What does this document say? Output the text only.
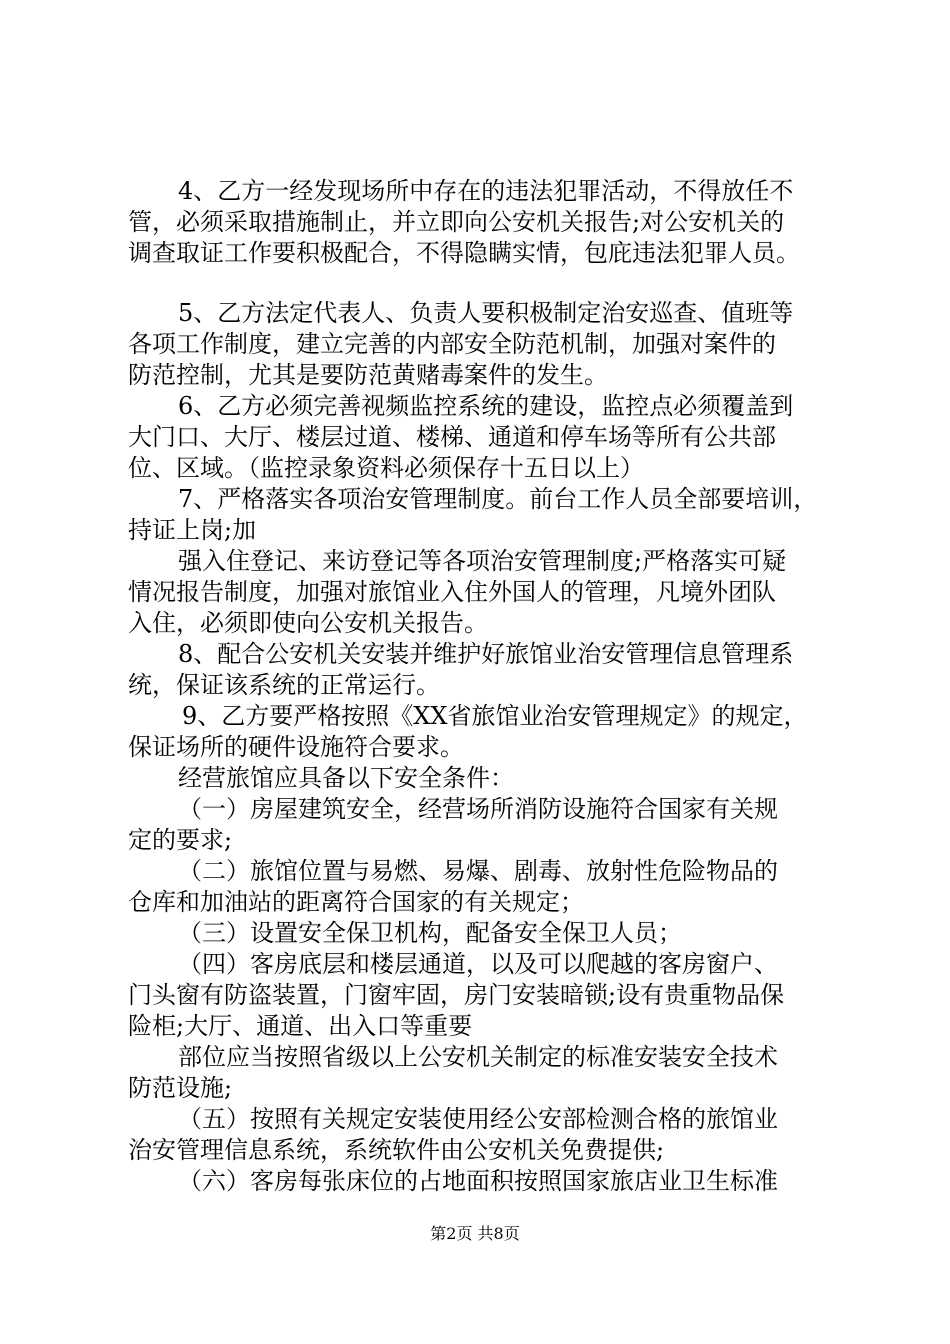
4、乙方一经发现场所中存在的违法犯罪活动，不得放任不
管，必须采取措施制止，并立即向公安机关报告;对公安机关的
调查取证工作要积极配合，不得隐瞒实情，包庇违法犯罪人员。
5、乙方法定代表人、负责人要积极制定治安巡查、值班等
各项工作制度，建立完善的内部安全防范机制，加强对案件的
防范控制，尤其是要防范黄赌毒案件的发生。
6、乙方必须完善视频监控系统的建设，监控点必须覆盖到
大门口、大厅、楼层过道、楼梯、通道和停车场等所有公共部
位、区域。（监控录象资料必须保存十五日以上）
7、严格落实各项治安管理制度。前台工作人员全部要培训，
持证上岗;加
强入住登记、来访登记等各项治安管理制度;严格落实可疑
情况报告制度，加强对旅馆业入住外国人的管理，凡境外团队
入住，必须即使向公安机关报告。
8、配合公安机关安装并维护好旅馆业治安管理信息管理系
统，保证该系统的正常运行。
9、乙方要严格按照《XX省旅馆业治安管理规定》的规定，
保证场所的硬件设施符合要求。
经营旅馆应具备以下安全条件：
（一）房屋建筑安全，经营场所消防设施符合国家有关规
定的要求;
（二）旅馆位置与易燃、易爆、剧毒、放射性危险物品的
仓库和加油站的距离符合国家的有关规定；
（三）设置安全保卫机构，配备安全保卫人员；
（四）客房底层和楼层通道，以及可以爬越的客房窗户、
门头窗有防盗装置，门窗牢固，房门安装暗锁;设有贵重物品保
险柜;大厅、通道、出入口等重要
部位应当按照省级以上公安机关制定的标准安装安全技术
防范设施;
（五）按照有关规定安装使用经公安部检测合格的旅馆业
治安管理信息系统，系统软件由公安机关免费提供;
（六）客房每张床位的占地面积按照国家旅店业卫生标准
第2页 共8页
